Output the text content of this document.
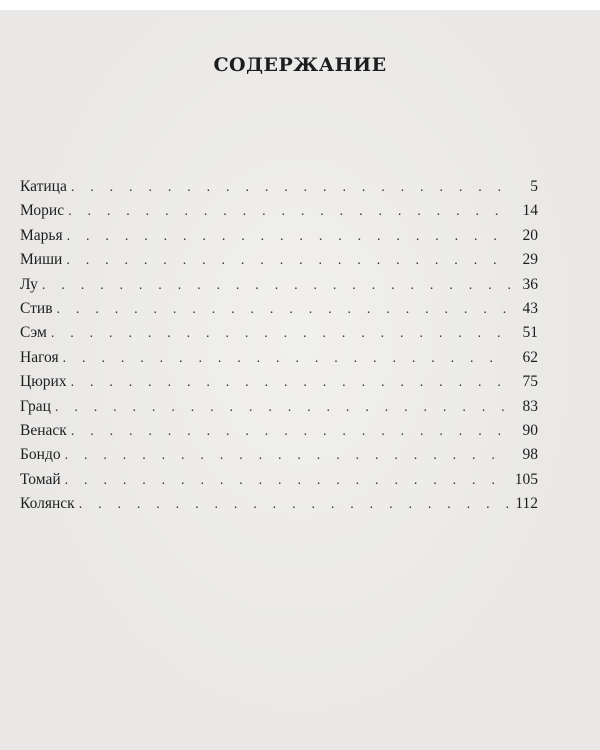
СОДЕРЖАНИЕ
Катица . . .	5
Морис . . .	14
Марья . . .	20
Миши . . .	29
Лу . . .	36
Стив . . .	43
Сэм . . .	51
Нагоя . . .	62
Цюрих . . .	75
Грац . . .	83
Венаск . . .	90
Бондо . . .	98
Томай . . .	105
Колянск . . .	112
